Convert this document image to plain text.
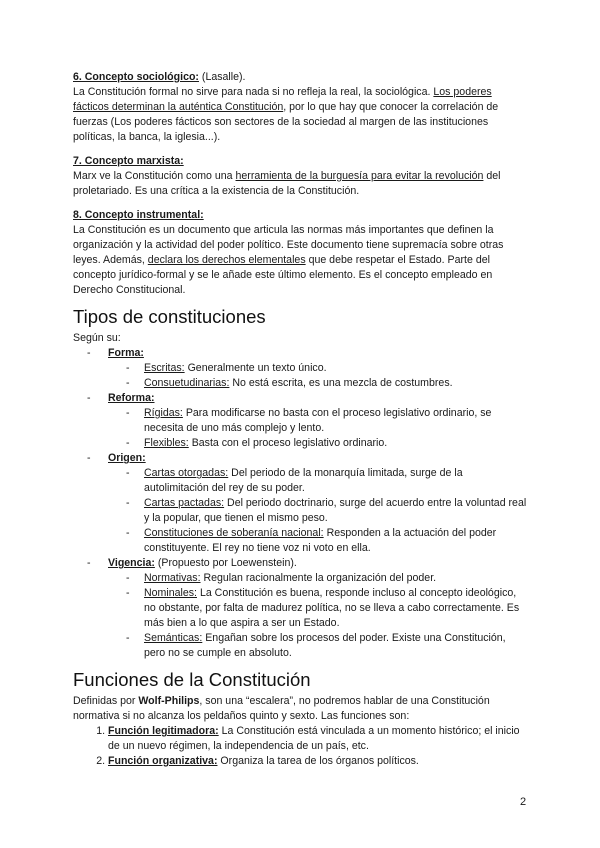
6. Concepto sociológico: (Lasalle).

La Constitución formal no sirve para nada si no refleja la real, la sociológica. Los poderes fácticos determinan la auténtica Constitución, por lo que hay que conocer la correlación de fuerzas (Los poderes fácticos son sectores de la sociedad al margen de las instituciones políticas, la banca, la iglesia...).

7. Concepto marxista:

Marx ve la Constitución como una herramienta de la burguesía para evitar la revolución del proletariado. Es una crítica a la existencia de la Constitución.

8. Concepto instrumental:

La Constitución es un documento que articula las normas más importantes que definen la organización y la actividad del poder político. Este documento tiene supremacía sobre otras leyes. Además, declara los derechos elementales que debe respetar el Estado. Parte del concepto jurídico-formal y se le añade este último elemento. Es el concepto empleado en Derecho Constitucional.

Tipos de constituciones

Según su:

- Forma:
- Escritas: Generalmente un texto único.
- Consuetudinarias: No está escrita, es una mezcla de costumbres.
- Reforma:
- Rígidas: Para modificarse no basta con el proceso legislativo ordinario, se necesita de uno más complejo y lento.
- Flexibles: Basta con el proceso legislativo ordinario.
- Origen:
- Cartas otorgadas: Del periodo de la monarquía limitada, surge de la autolimitación del rey de su poder.
- Cartas pactadas: Del periodo doctrinario, surge del acuerdo entre la voluntad real y la popular, que tienen el mismo peso.
- Constituciones de soberanía nacional: Responden a la actuación del poder constituyente. El rey no tiene voz ni voto en ella.
- Vigencia: (Propuesto por Loewenstein).
- Normativas: Regulan racionalmente la organización del poder.
- Nominales: La Constitución es buena, responde incluso al concepto ideológico, no obstante, por falta de madurez política, no se lleva a cabo correctamente. Es más bien a lo que aspira a ser un Estado.
- Semánticas: Engañan sobre los procesos del poder. Existe una Constitución, pero no se cumple en absoluto.
Funciones de la Constitución

Definidas por Wolf-Philips, son una “escalera”, no podremos hablar de una Constitución normativa si no alcanza los peldaños quinto y sexto. Las funciones son:

1. Función legitimadora: La Constitución está vinculada a un momento histórico; el inicio de un nuevo régimen, la independencia de un país, etc.
2. Función organizativa: Organiza la tarea de los órganos políticos.
2
